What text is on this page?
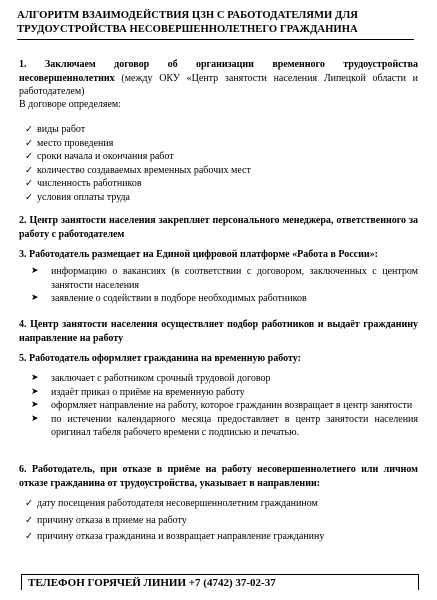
АЛГОРИТМ ВЗАИМОДЕЙСТВИЯ ЦЗН С РАБОТОДАТЕЛЯМИ ДЛЯ
ТРУДОУСТРОЙСТВА НЕСОВЕРШЕННОЛЕТНЕГО ГРАЖДАНИНА
1. Заключаем договор об организации временного трудоустройства несовершеннолетних (между ОКУ «Центр занятости населения Липецкой области и работодателем)
В договоре определяем:
✓ виды работ
✓ место проведения
✓ сроки начала и окончания работ
✓ количество создаваемых временных рабочих мест
✓ численность работников
✓ условия оплаты труда
2. Центр занятости населения закрепляет персонального менеджера, ответственного за работу с работодателем
3. Работодатель размещает на Единой цифровой платформе «Работа в России»:
➤ информацию о вакансиях (в соответствии с договором, заключенных с центром занятости населения
➤ заявление о содействии в подборе необходимых работников
4. Центр занятости населения осуществляет подбор работников и выдаёт гражданину направление на работу
5. Работодатель оформляет гражданина на временную работу:
➤ заключает с работником срочный трудовой договор
➤ издаёт приказ о приёме на временную работу
➤ оформляет направление на работу, которое гражданин возвращает в центр занятости
➤ по истечении календарного месяца предоставляет в центр занятости населения оригинал табеля рабочего времени с подписью и печатью.
6. Работодатель, при отказе в приёме на работу несовершеннолетнего или личном отказе гражданина от трудоустройства, указывает в направлении:
✓ дату посещения работодателя несовершеннолетним гражданином
✓ причину отказа в приеме на работу
✓ причину отказа гражданина и возвращает направление гражданину
ТЕЛЕФОН ГОРЯЧЕЙ ЛИНИИ +7 (4742) 37-02-37
